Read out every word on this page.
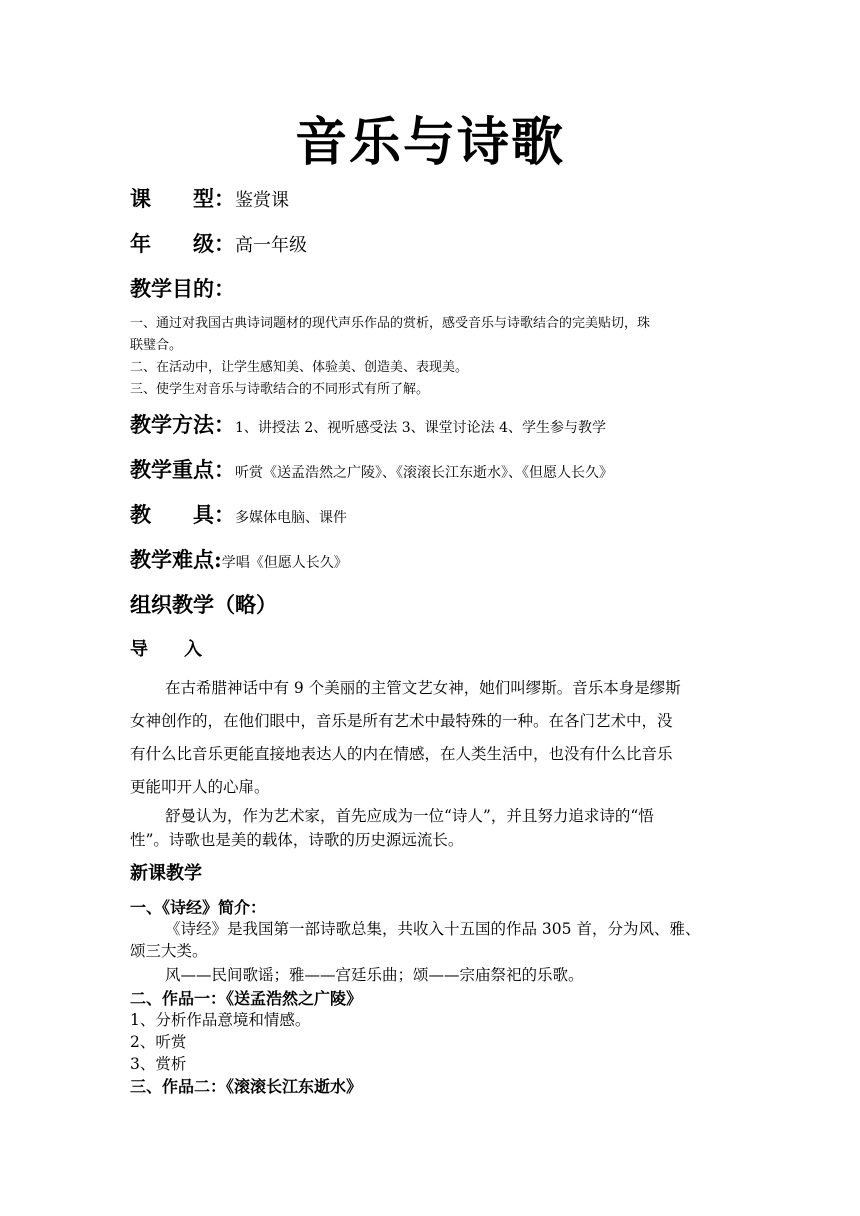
音乐与诗歌
课　　型：鉴赏课
年　　级：高一年级
教学目的：
一、通过对我国古典诗词题材的现代声乐作品的赏析，感受音乐与诗歌结合的完美贴切，珠
联璧合。
二、在活动中，让学生感知美、体验美、创造美、表现美。
三、使学生对音乐与诗歌结合的不同形式有所了解。
教学方法：1、讲授法 2、视听感受法 3、课堂讨论法 4、学生参与教学
教学重点：听赏《送孟浩然之广陵》、《滚滚长江东逝水》、《但愿人长久》
教　　具：多媒体电脑、课件
教学难点:学唱《但愿人长久》
组织教学（略）
导　　入
在古希腊神话中有 9 个美丽的主管文艺女神，她们叫缪斯。音乐本身是缪斯
女神创作的，在他们眼中，音乐是所有艺术中最特殊的一种。在各门艺术中，没
有什么比音乐更能直接地表达人的内在情感，在人类生活中，也没有什么比音乐
更能叩开人的心扉。
舒曼认为，作为艺术家，首先应成为一位“诗人”，并且努力追求诗的“悟
性”。诗歌也是美的载体，诗歌的历史源远流长。
新课教学
一、《诗经》简介：
《诗经》是我国第一部诗歌总集，共收入十五国的作品 305 首，分为风、雅、
颂三大类。
风——民间歌谣；雅——宫廷乐曲；颂——宗庙祭祀的乐歌。
二、作品一：《送孟浩然之广陵》
1、分析作品意境和情感。
2、听赏
3、赏析
三、作品二：《滚滚长江东逝水》
